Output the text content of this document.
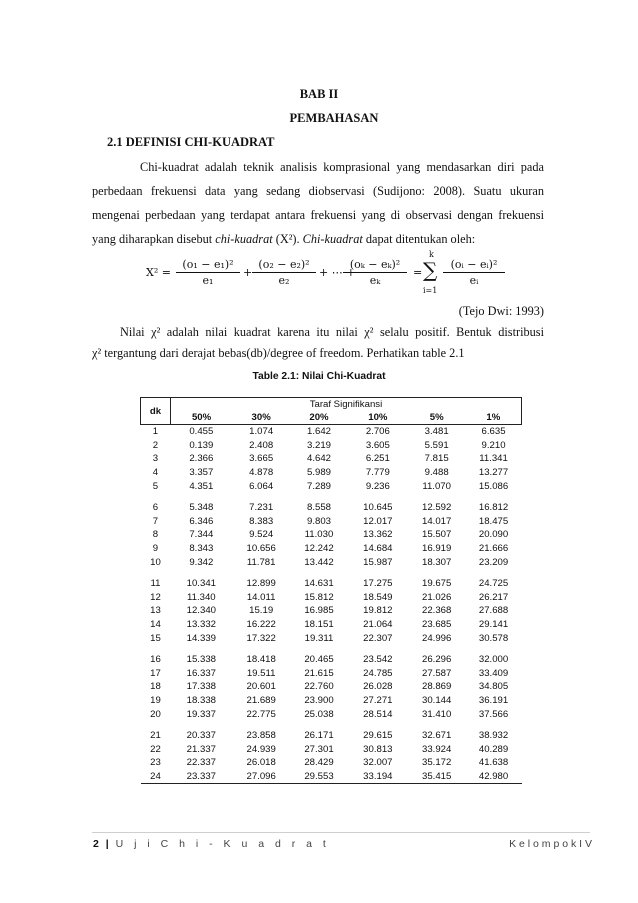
BAB II
PEMBAHASAN
2.1 DEFINISI CHI-KUADRAT
Chi-kuadrat adalah teknik analisis komprasional yang mendasarkan diri pada
perbedaan frekuensi data yang sedang diobservasi (Sudijono: 2008). Suatu ukuran
mengenai perbedaan yang terdapat antara frekuensi yang di observasi dengan frekuensi
yang diharapkan disebut chi-kuadrat (X²). Chi-kuadrat dapat ditentukan oleh:
X² =
(o₁ − e₁)²
e₁
+
(o₂ − e₂)²
e₂
+ ⋯ +
(oₖ − eₖ)²
eₖ
=
k
∑
i=1
(oᵢ − eᵢ)²
eᵢ
(Tejo Dwi: 1993)
Nilai χ² adalah nilai kuadrat karena itu nilai χ² selalu positif. Bentuk distribusi
χ² tergantung dari derajat bebas(db)/degree of freedom. Perhatikan table 2.1
Table 2.1: Nilai Chi-Kuadrat
dk	Taraf Signifikansi					
	50%	30%	20%	10%	5%	1%
1	0.455	1.074	1.642	2.706	3.481	6.635
2	0.139	2.408	3.219	3.605	5.591	9.210
3	2.366	3.665	4.642	6.251	7.815	11.341
4	3.357	4.878	5.989	7.779	9.488	13.277
5	4.351	6.064	7.289	9.236	11.070	15.086

6	5.348	7.231	8.558	10.645	12.592	16.812
7	6.346	8.383	9.803	12.017	14.017	18.475
8	7.344	9.524	11.030	13.362	15.507	20.090
9	8.343	10.656	12.242	14.684	16.919	21.666
10	9.342	11.781	13.442	15.987	18.307	23.209

11	10.341	12.899	14.631	17.275	19.675	24.725
12	11.340	14.011	15.812	18.549	21.026	26.217
13	12.340	15.19	16.985	19.812	22.368	27.688
14	13.332	16.222	18.151	21.064	23.685	29.141
15	14.339	17.322	19.311	22.307	24.996	30.578

16	15.338	18.418	20.465	23.542	26.296	32.000
17	16.337	19.511	21.615	24.785	27.587	33.409
18	17.338	20.601	22.760	26.028	28.869	34.805
19	18.338	21.689	23.900	27.271	30.144	36.191
20	19.337	22.775	25.038	28.514	31.410	37.566

21	20.337	23.858	26.171	29.615	32.671	38.932
22	21.337	24.939	27.301	30.813	33.924	40.289
23	22.337	26.018	28.429	32.007	35.172	41.638
24	23.337	27.096	29.553	33.194	35.415	42.980
2 | U j i C h i - K u a d r a t	K e l o m p o k I V
